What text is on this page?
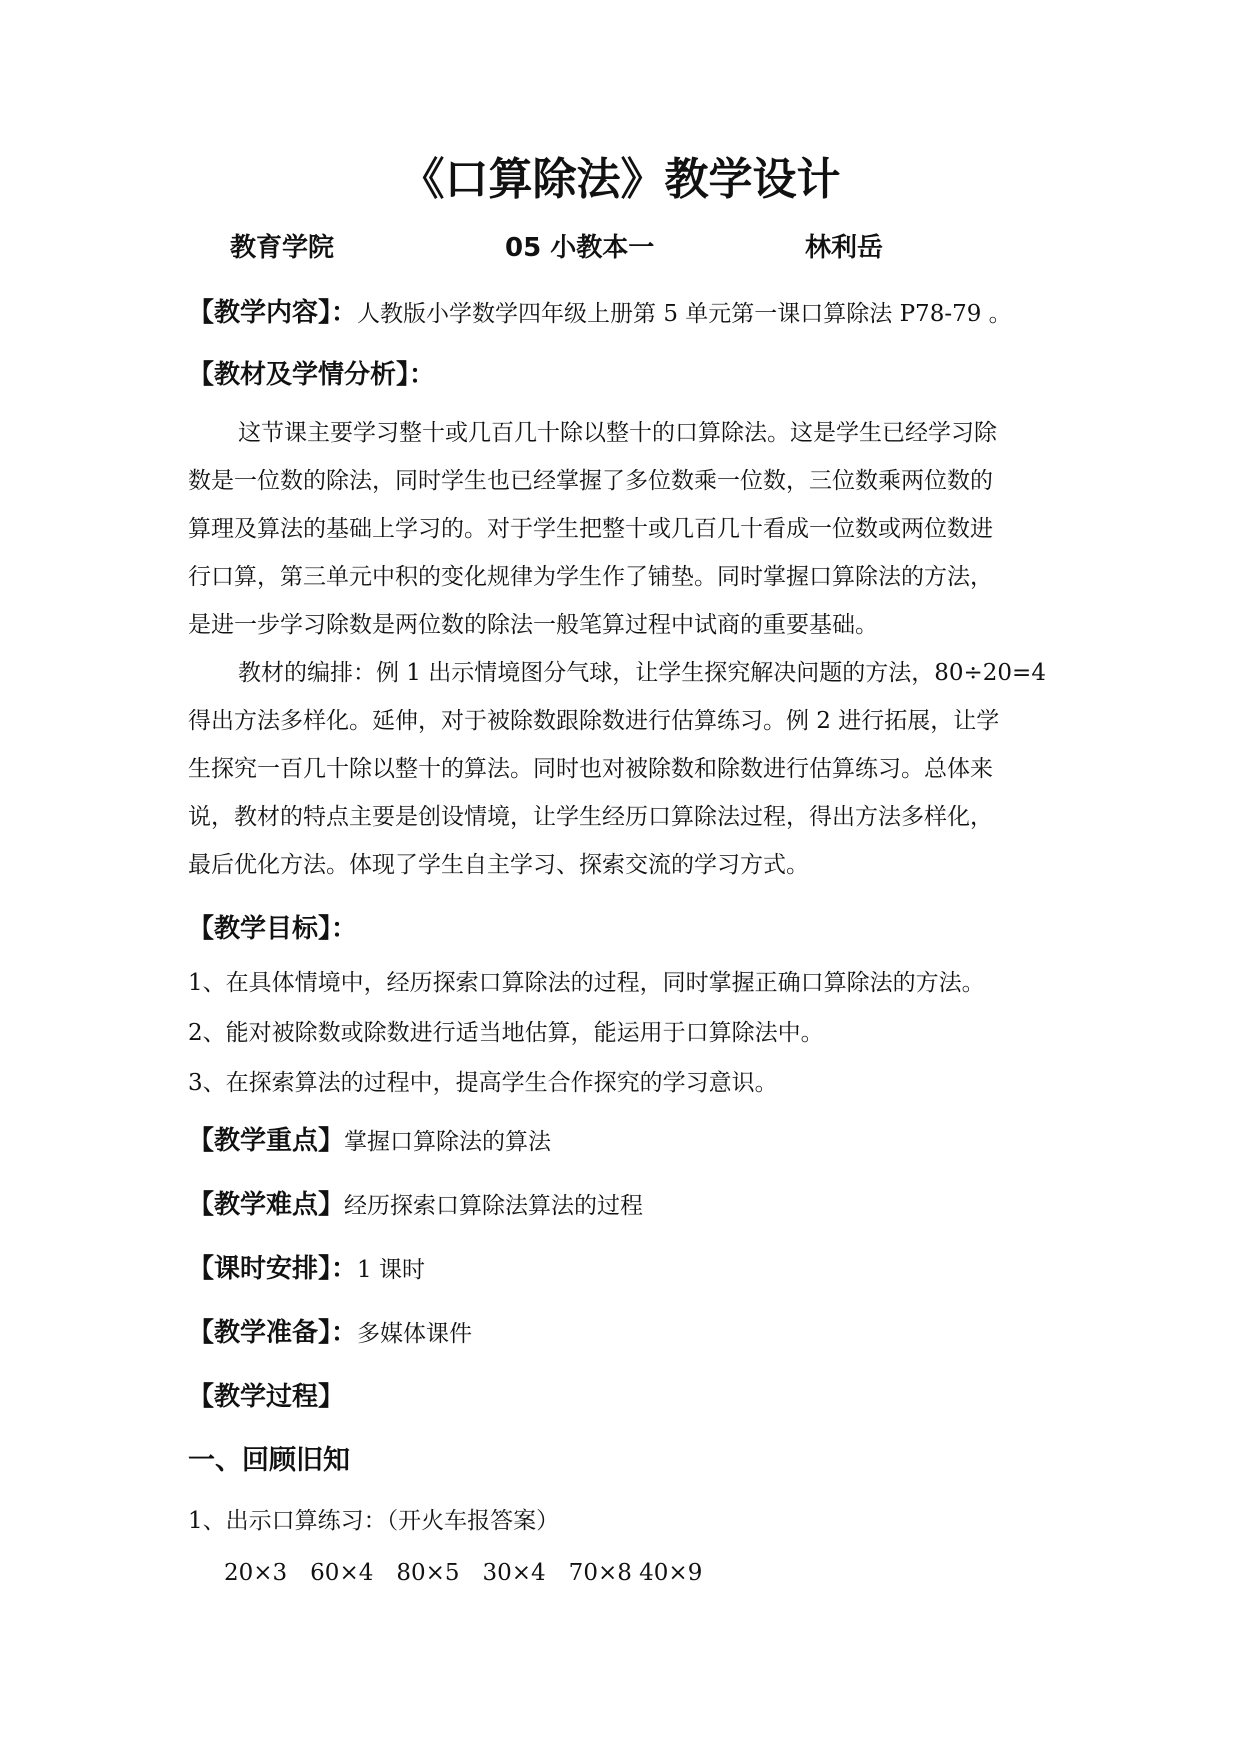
《口算除法》教学设计
教育学院	05 小教本一	林利岳
【教学内容】：人教版小学数学四年级上册第 5 单元第一课口算除法 P78-79 。
【教材及学情分析】：
这节课主要学习整十或几百几十除以整十的口算除法。这是学生已经学习除
数是一位数的除法，同时学生也已经掌握了多位数乘一位数，三位数乘两位数的
算理及算法的基础上学习的。对于学生把整十或几百几十看成一位数或两位数进
行口算，第三单元中积的变化规律为学生作了铺垫。同时掌握口算除法的方法，
是进一步学习除数是两位数的除法一般笔算过程中试商的重要基础。
教材的编排：例 1 出示情境图分气球，让学生探究解决问题的方法，80÷20=4
得出方法多样化。延伸，对于被除数跟除数进行估算练习。例 2 进行拓展，让学
生探究一百几十除以整十的算法。同时也对被除数和除数进行估算练习。总体来
说，教材的特点主要是创设情境，让学生经历口算除法过程，得出方法多样化，
最后优化方法。体现了学生自主学习、探索交流的学习方式。
【教学目标】：
1、在具体情境中，经历探索口算除法的过程，同时掌握正确口算除法的方法。
2、能对被除数或除数进行适当地估算，能运用于口算除法中。
3、在探索算法的过程中，提高学生合作探究的学习意识。
【教学重点】掌握口算除法的算法
【教学难点】经历探索口算除法算法的过程
【课时安排】：1 课时
【教学准备】：多媒体课件
【教学过程】
一、回顾旧知
1、出示口算练习：（开火车报答案）
20×3　60×4　80×5　30×4　70×8 40×9
